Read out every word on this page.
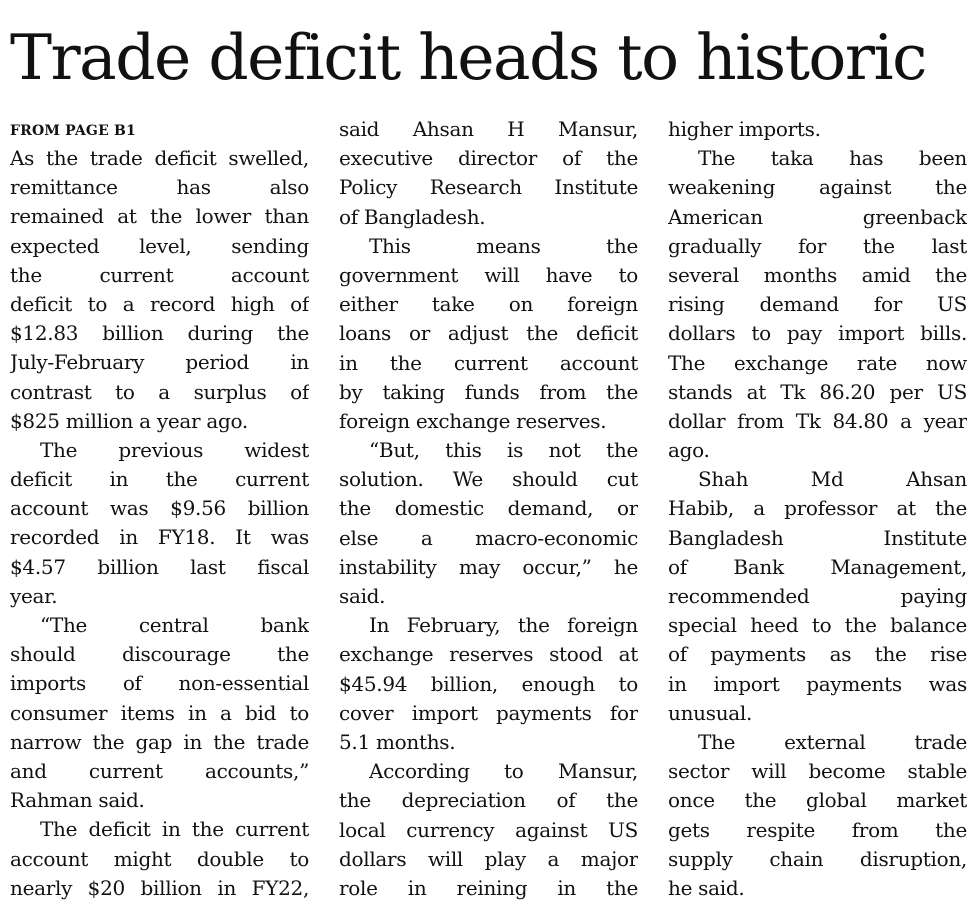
Trade deficit heads to historic
FROM PAGE B1
As the trade deficit swelled,
remittance has also
remained at the lower than
expected level, sending
the current account
deficit to a record high of
$12.83 billion during the
July-February period in
contrast to a surplus of
$825 million a year ago.
The previous widest
deficit in the current
account was $9.56 billion
recorded in FY18. It was
$4.57 billion last fiscal
year.
“The central bank
should discourage the
imports of non-essential
consumer items in a bid to
narrow the gap in the trade
and current accounts,”
Rahman said.
The deficit in the current
account might double to
nearly $20 billion in FY22,
said Ahsan H Mansur,
executive director of the
Policy Research Institute
of Bangladesh.
This means the
government will have to
either take on foreign
loans or adjust the deficit
in the current account
by taking funds from the
foreign exchange reserves.
“But, this is not the
solution. We should cut
the domestic demand, or
else a macro-economic
instability may occur,” he
said.
In February, the foreign
exchange reserves stood at
$45.94 billion, enough to
cover import payments for
5.1 months.
According to Mansur,
the depreciation of the
local currency against US
dollars will play a major
role in reining in the
higher imports.
The taka has been
weakening against the
American greenback
gradually for the last
several months amid the
rising demand for US
dollars to pay import bills.
The exchange rate now
stands at Tk 86.20 per US
dollar from Tk 84.80 a year
ago.
Shah Md Ahsan
Habib, a professor at the
Bangladesh Institute
of Bank Management,
recommended paying
special heed to the balance
of payments as the rise
in import payments was
unusual.
The external trade
sector will become stable
once the global market
gets respite from the
supply chain disruption,
he said.
